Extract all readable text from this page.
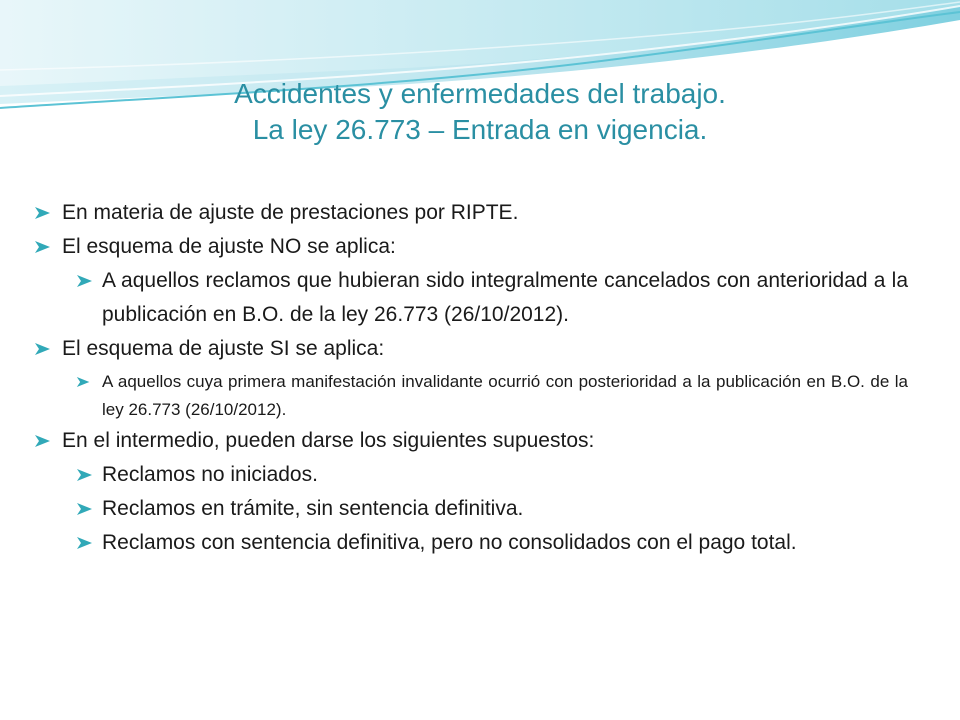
Accidentes y enfermedades del trabajo.
La ley 26.773 – Entrada en vigencia.
En materia de ajuste de prestaciones por RIPTE.
El esquema de ajuste NO se aplica:
A aquellos reclamos que hubieran sido integralmente cancelados con anterioridad a la publicación en B.O. de la ley 26.773 (26/10/2012).
El esquema de ajuste SI se aplica:
A aquellos cuya primera manifestación invalidante ocurrió con posterioridad a la publicación en B.O. de la ley 26.773 (26/10/2012).
En el intermedio, pueden darse los siguientes supuestos:
Reclamos no iniciados.
Reclamos en trámite, sin sentencia definitiva.
Reclamos con sentencia definitiva, pero no consolidados con el pago total.
